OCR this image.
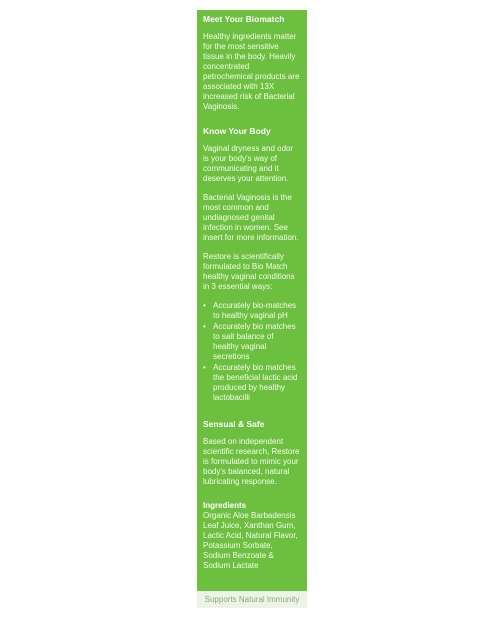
Meet Your Biomatch
Healthy ingredients matter for the most sensitive tissue in the body. Heavily concentrated petrochemical products are associated with 13X increased risk of Bacterial Vaginosis.
Know Your Body
Vaginal dryness and odor is your body's way of communicating and it deserves your attention.
Bacterial Vaginosis is the most common and undiagnosed genital infection in women. See insert for more information.
Restore is scientifically formulated to Bio Match healthy vaginal conditions in 3 essential ways:
• Accurately bio-matches to healthy vaginal pH
• Accurately bio matches to salt balance of healthy vaginal secretions
• Accurately bio matches the beneficial lactic acid produced by healthy lactobacilli
Sensual & Safe
Based on independent scientific research, Restore is formulated to mimic your body's balanced, natural lubricating response.
Ingredients
Organic Aloe Barbadensis Leaf Juice, Xanthan Gum, Lactic Acid, Natural Flavor, Potassium Sorbate, Sodium Benzoate & Sodium Lactate
Supports Natural Immunity
